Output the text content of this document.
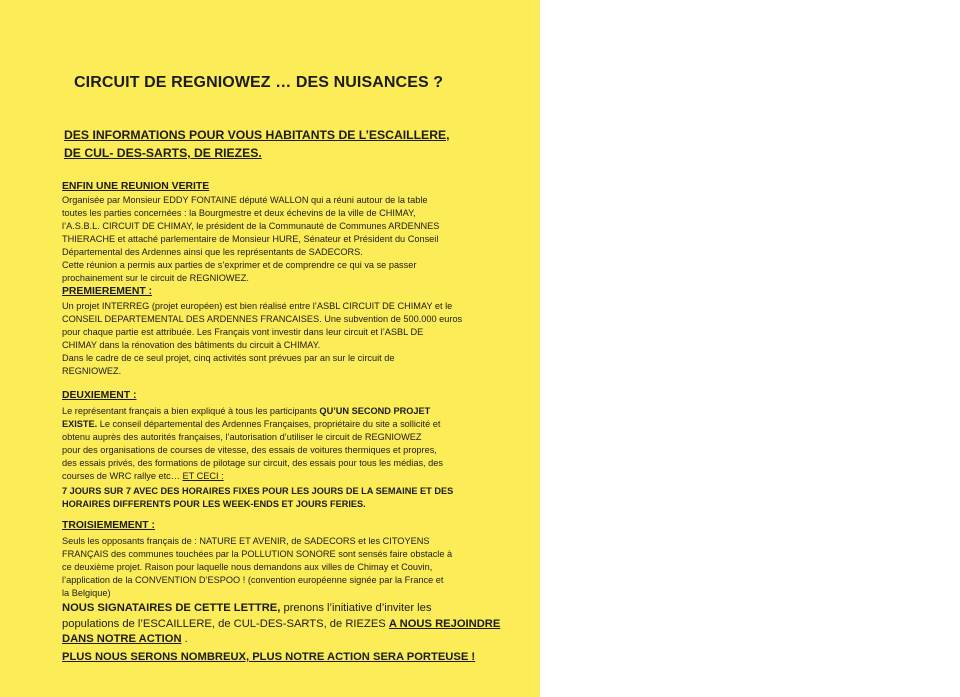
CIRCUIT DE REGNIOWEZ … DES NUISANCES ?
DES INFORMATIONS POUR VOUS HABITANTS DE L’ESCAILLERE,
DE CUL- DES-SARTS, DE RIEZES.
ENFIN UNE REUNION VERITE
Organisée par Monsieur EDDY FONTAINE député WALLON qui a réuni autour de la table
toutes les parties concernées : la Bourgmestre et deux échevins de la ville de CHIMAY,
l’A.S.B.L. CIRCUIT DE CHIMAY, le président de la Communauté de Communes ARDENNES
THIERACHE et attaché parlementaire de Monsieur HURE, Sénateur et Président du Conseil
Départemental des Ardennes ainsi que les représentants de SADECORS.
Cette réunion a permis aux parties de s’exprimer et de comprendre ce qui va se passer
prochainement sur le circuit de REGNIOWEZ.
PREMIEREMENT :
Un projet INTERREG (projet européen) est bien réalisé entre l’ASBL CIRCUIT DE CHIMAY et le
CONSEIL DEPARTEMENTAL DES ARDENNES FRANCAISES. Une subvention de 500.000 euros
pour chaque partie est attribuée. Les Français vont investir dans leur circuit et l’ASBL DE
CHIMAY dans la rénovation des bâtiments du circuit à CHIMAY.
Dans le cadre de ce seul projet, cinq activités sont prévues par an sur le circuit de
REGNIOWEZ.
DEUXIEMENT :
Le représentant français a bien expliqué à tous les participants QU’UN SECOND PROJET
EXISTE. Le conseil départemental des Ardennes Françaises, propriétaire du site a sollicité et
obtenu auprès des autorités françaises, l’autorisation d’utiliser le circuit de REGNIOWEZ
pour des organisations de courses de vitesse, des essais de voitures thermiques et propres,
des essais privés, des formations de pilotage sur circuit, des essais pour tous les médias, des
courses de WRC rallye etc… ET CECI :
7 JOURS SUR 7 AVEC DES HORAIRES FIXES POUR LES JOURS DE LA SEMAINE ET DES
HORAIRES DIFFERENTS POUR LES WEEK-ENDS ET JOURS FERIES.
TROISIEMEMENT :
Seuls les opposants français de : NATURE ET AVENIR, de SADECORS et les CITOYENS
FRANÇAIS des communes touchées par la POLLUTION SONORE sont sensés faire obstacle à
ce deuxième projet. Raison pour laquelle nous demandons aux villes de Chimay et Couvin,
l’application de la CONVENTION D’ESPOO ! (convention européenne signée par la France et
la Belgique)
NOUS SIGNATAIRES DE CETTE LETTRE, prenons l’initiative d’inviter les
populations de l’ESCAILLERE, de CUL-DES-SARTS, de RIEZES A NOUS REJOINDRE
DANS NOTRE ACTION .
PLUS NOUS SERONS NOMBREUX, PLUS NOTRE ACTION SERA PORTEUSE !
